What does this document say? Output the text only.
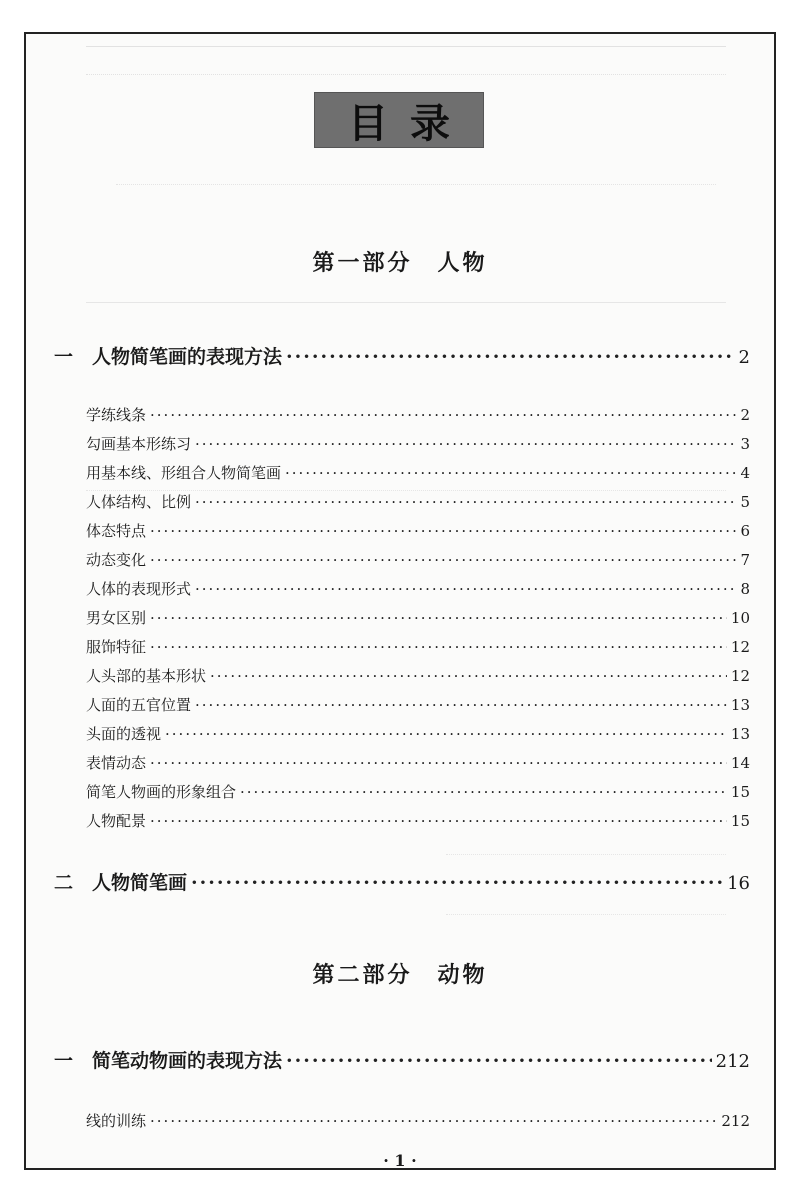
目录
第一部分　人物
一 人物简笔画的表现方法 ·····	2
学练线条 ·····	2
勾画基本形练习 ·····	3
用基本线、形组合人物简笔画 ·····	4
人体结构、比例 ·····	5
体态特点 ·····	6
动态变化 ·····	7
人体的表现形式 ·····	8
男女区别 ·····	10
服饰特征 ·····	12
人头部的基本形状 ·····	12
人面的五官位置 ·····	13
头面的透视 ·····	13
表情动态 ·····	14
简笔人物画的形象组合 ·····	15
人物配景 ·····	15
二 人物简笔画 ·····	16
第二部分　动物
一 简笔动物画的表现方法 ·····	212
线的训练 ·····	212
· 1 ·
